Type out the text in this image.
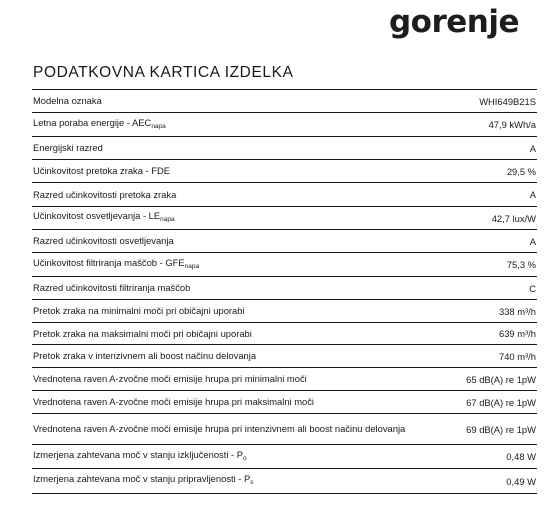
gorenje
PODATKOVNA KARTICA IZDELKA
Modelna oznaka	WHI649B21S
Letna poraba energije - $AEC_{napa}$	47,9 kWh/a
Energijski razred	A
Učinkovitost pretoka zraka - FDE	29,5 %
Razred učinkovitosti pretoka zraka	A
Učinkovitost osvetljevanja - $LE_{napa}$	42,7 lux/W
Razred učinkovitosti osvetljevanja	A
Učinkovitost filtriranja maščob - $GFE_{napa}$	75,3 %
Razred učinkovitosti filtriranja maščob	C
Pretok zraka na minimalni moči pri običajni uporabi	338 m³/h
Pretok zraka na maksimalni moči pri običajni uporabi	639 m³/h
Pretok zraka v intenzivnem ali boost načinu delovanja	740 m³/h
Vrednotena raven A-zvočne moči emisije hrupa pri minimalni moči	65 dB(A) re 1pW
Vrednotena raven A-zvočne moči emisije hrupa pri maksimalni moči	67 dB(A) re 1pW
Vrednotena raven A-zvočne moči emisije hrupa pri intenzivnem ali boost načinu delovanja	69 dB(A) re 1pW
Izmerjena zahtevana moč v stanju izključenosti - $P_o$	0,48 W
Izmerjena zahtevana moč v stanju pripravljenosti - $P_s$	0,49 W
